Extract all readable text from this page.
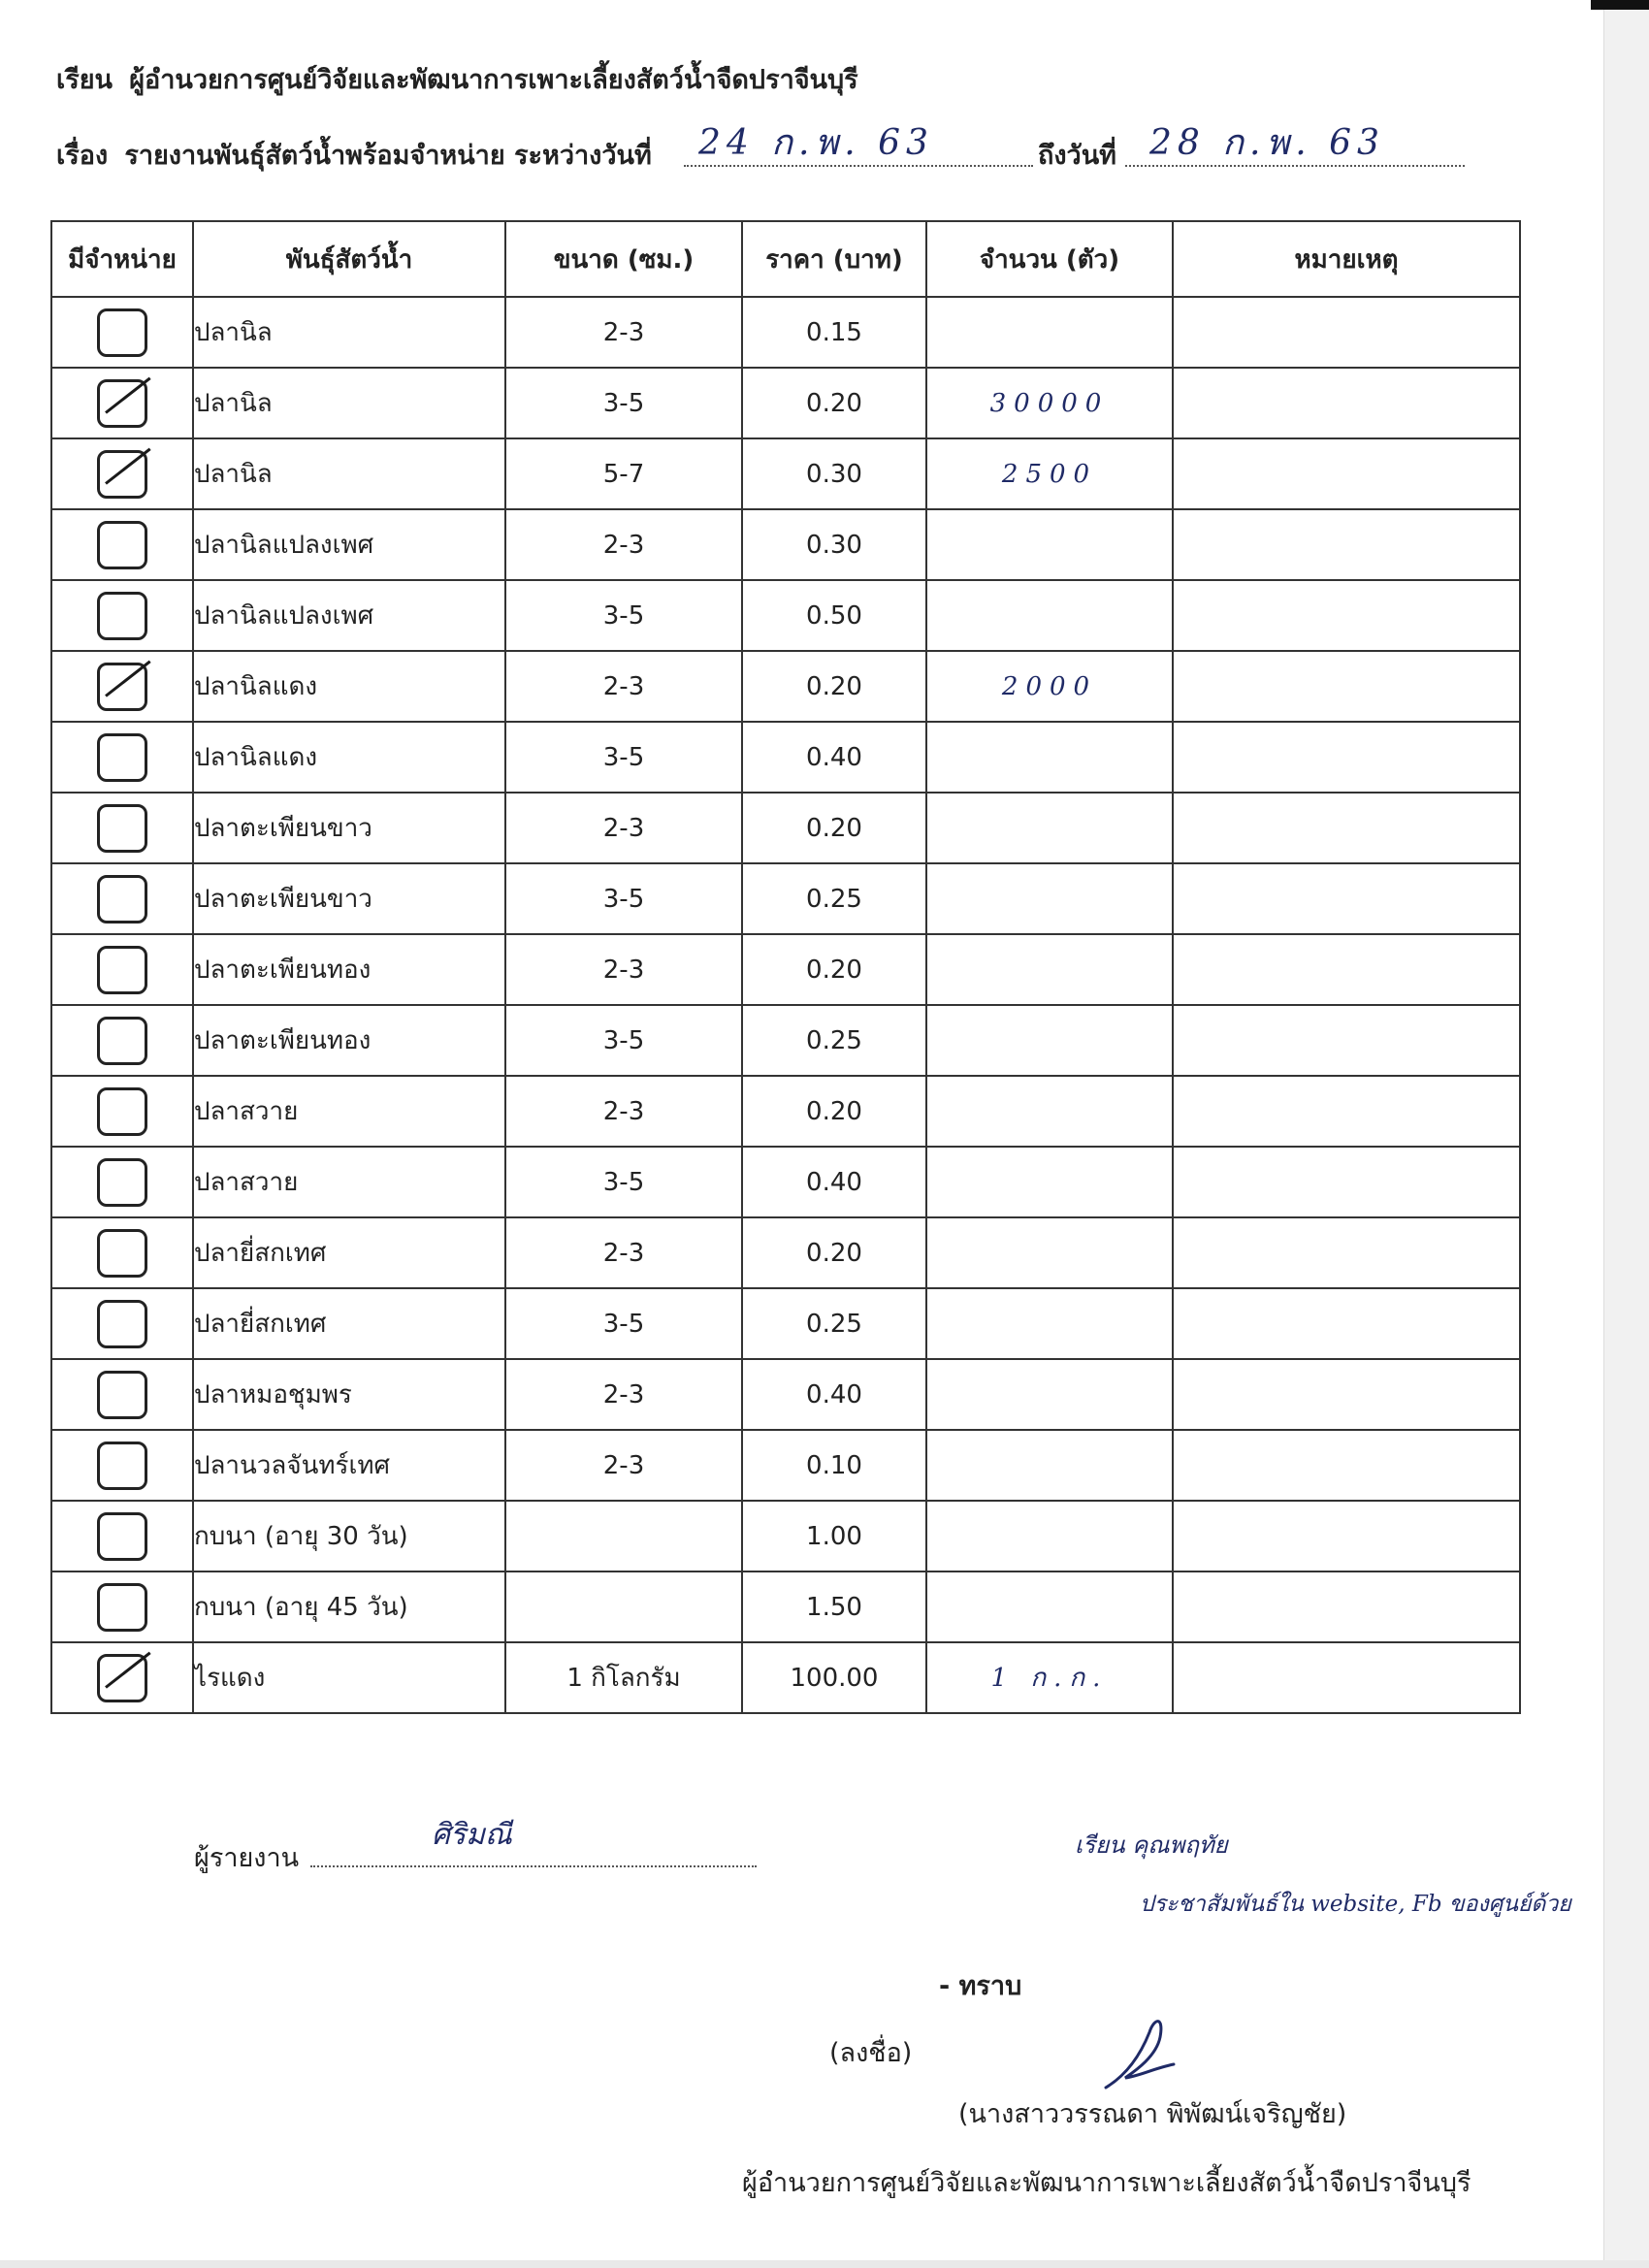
เรียน ผู้อำนวยการศูนย์วิจัยและพัฒนาการเพาะเลี้ยงสัตว์น้ำจืดปราจีนบุรี
เรื่อง รายงานพันธุ์สัตว์น้ำพร้อมจำหน่าย ระหว่างวันที่ 24 ก.พ. 63	ถึงวันที่ 28 ก.พ. 63
มีจำหน่าย	พันธุ์สัตว์น้ำ	ขนาด (ซม.)	ราคา (บาท)	จำนวน (ตัว)	หมายเหตุ
	ปลานิล	2-3	0.15		
	ปลานิล	3-5	0.20	30000	
	ปลานิล	5-7	0.30	2500	
	ปลานิลแปลงเพศ	2-3	0.30		
	ปลานิลแปลงเพศ	3-5	0.50		
	ปลานิลแดง	2-3	0.20	2000	
	ปลานิลแดง	3-5	0.40		
	ปลาตะเพียนขาว	2-3	0.20		
	ปลาตะเพียนขาว	3-5	0.25		
	ปลาตะเพียนทอง	2-3	0.20		
	ปลาตะเพียนทอง	3-5	0.25		
	ปลาสวาย	2-3	0.20		
	ปลาสวาย	3-5	0.40		
	ปลายี่สกเทศ	2-3	0.20		
	ปลายี่สกเทศ	3-5	0.25		
	ปลาหมอชุมพร	2-3	0.40		
	ปลานวลจันทร์เทศ	2-3	0.10		
	กบนา (อายุ 30 วัน)		1.00		
	กบนา (อายุ 45 วัน)		1.50		
	ไรแดง	1 กิโลกรัม	100.00	1 ก.ก.	
ผู้รายงาน
ศิริมณี	เรียน คุณพฤทัย
ประชาสัมพันธ์ใน website, Fb ของศูนย์ด้วย
- ทราบ
(ลงชื่อ)
(นางสาววรรณดา พิพัฒน์เจริญชัย)
ผู้อำนวยการศูนย์วิจัยและพัฒนาการเพาะเลี้ยงสัตว์น้ำจืดปราจีนบุรี
